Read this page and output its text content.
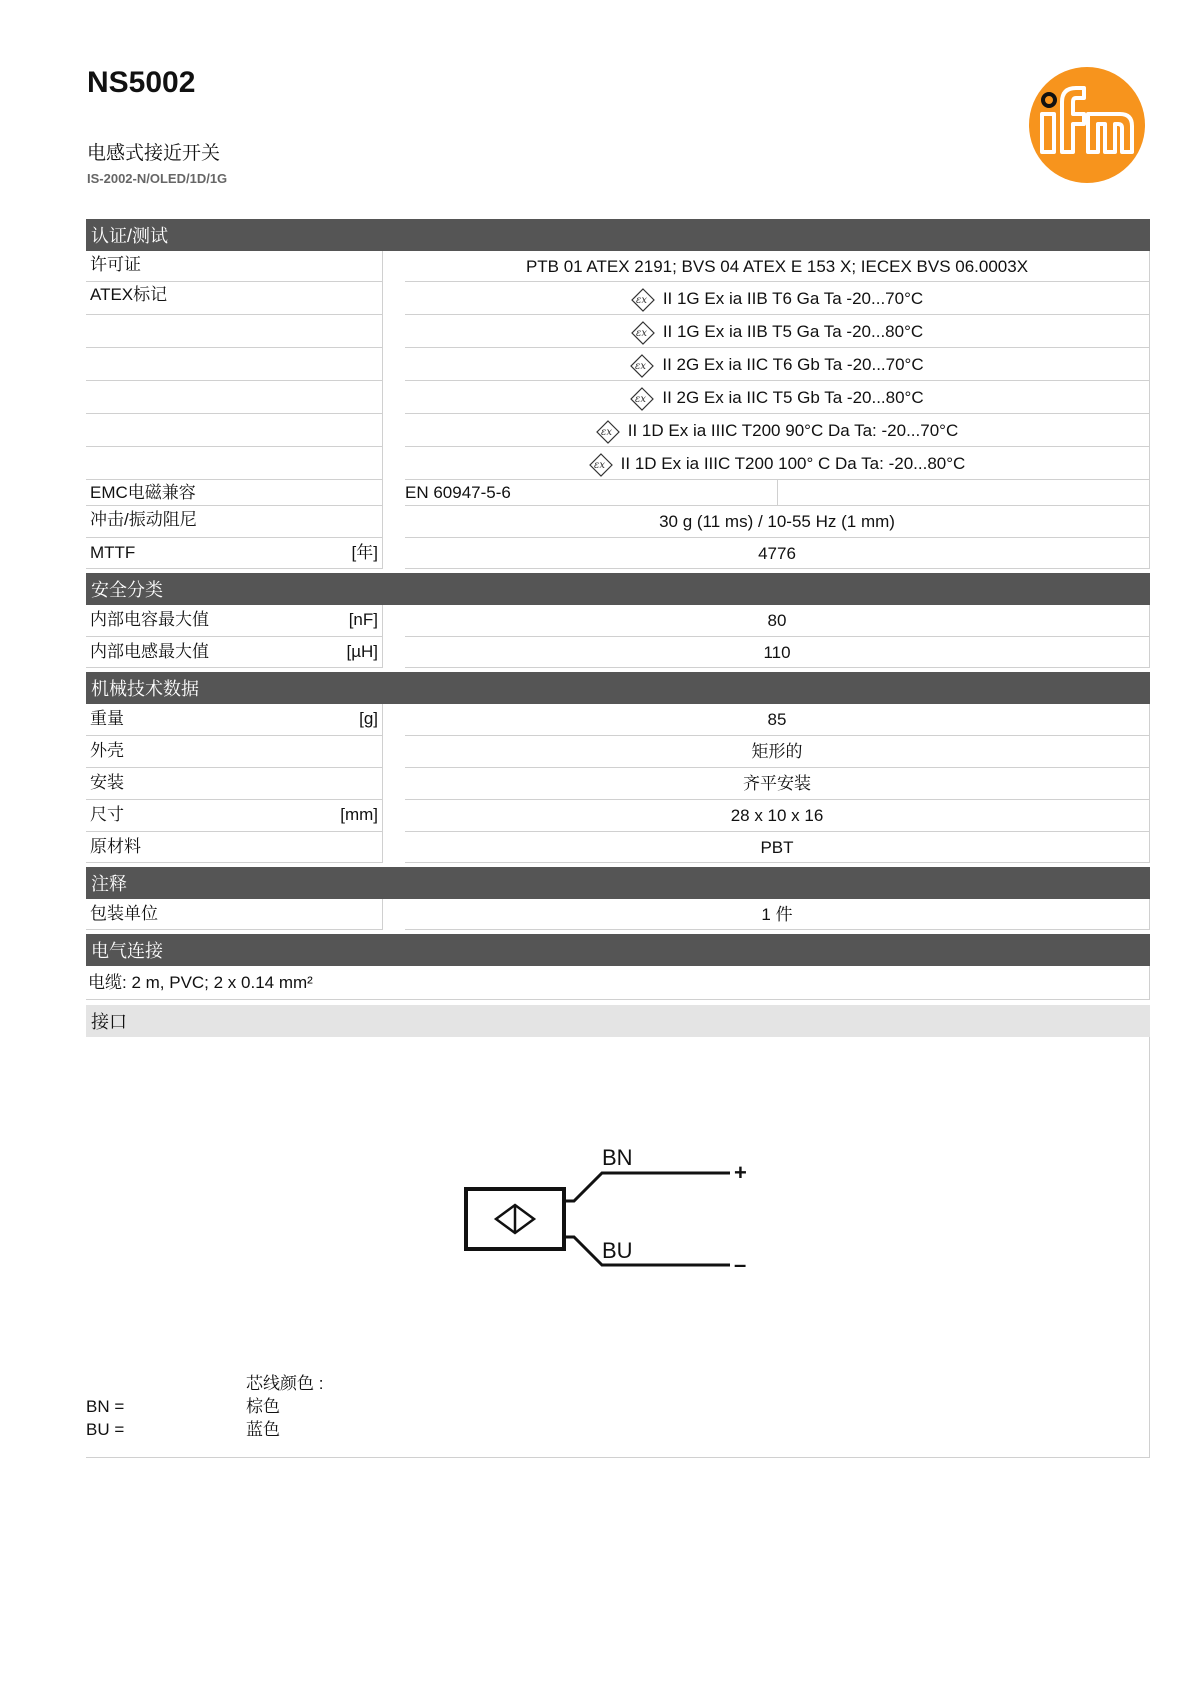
NS5002
电感式接近开关
IS-2002-N/OLED/1D/1G
认证/测试
许可证	PTB 01 ATEX 2191; BVS 04 ATEX E 153 X; IECEX BVS 06.0003X
ATEX标记	εx II 1G Ex ia IIB T6 Ga Ta -20...70°C
εx II 1G Ex ia IIB T5 Ga Ta -20...80°C
εx II 2G Ex ia IIC T6 Gb Ta -20...70°C
εx II 2G Ex ia IIC T5 Gb Ta -20...80°C
εx II 1D Ex ia IIIC T200 90°C Da Ta: -20...70°C
εx II 1D Ex ia IIIC T200 100° C Da Ta: -20...80°C
EMC电磁兼容	EN 60947-5-6
冲击/振动阻尼	30 g (11 ms) / 10-55 Hz (1 mm)
MTTF	[年]	4776
安全分类
内部电容最大值	[nF]	80
内部电感最大值	[µH]	110
机械技术数据
重量	[g]	85
外壳	矩形的
安装	齐平安装
尺寸	[mm]	28 x 10 x 16
原材料	PBT
注释
包装单位	1 件
电气连接
电缆: 2 m, PVC; 2 x 0.14 mm²
接口
BN
BU
+
–
芯线颜色 :
BN =	棕色
BU =	蓝色
